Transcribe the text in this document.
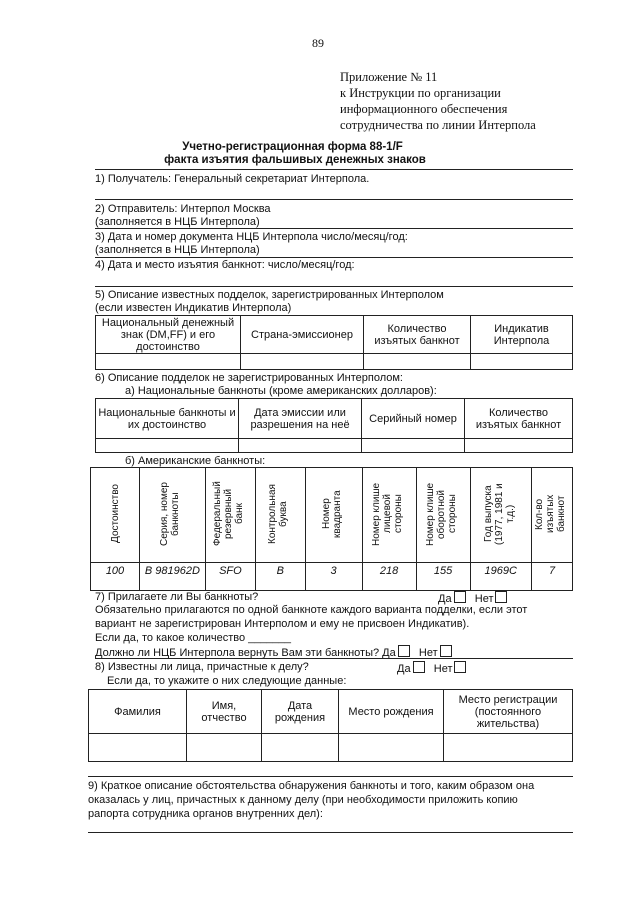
89
Приложение № 11
к Инструкции по организации
информационного обеспечения
сотрудничества по линии Интерпола
Учетно-регистрационная форма 88-1/F
факта изъятия фальшивых денежных знаков
1) Получатель: Генеральный секретариат Интерпола.
2) Отправитель: Интерпол Москва
(заполняется в НЦБ Интерпола)
3) Дата и номер документа НЦБ Интерпола число/месяц/год:
(заполняется в НЦБ Интерпола)
4) Дата и место изъятия банкнот: число/месяц/год:
5) Описание известных подделок, зарегистрированных Интерполом
(если известен Индикатив Интерпола)
Национальный денежный знак (DM,FF) и его достоинство	Страна-эмиссионер	Количество изъятых банкнот	Индикатив Интерпола

6) Описание подделок не зарегистрированных Интерполом:
а) Национальные банкноты (кроме американских долларов):
Национальные банкноты и их достоинство	Дата эмиссии или разрешения на неё	Серийный номер	Количество изъятых банкнот

б) Американские банкноты:
Достоинство	Серия, номер банкноты	Федеральный резервный банк	Контрольная буква	Номер квадранта	Номер клише лицевой стороны	Номер клише оборотной стороны	Год выпуска (1977, 1981 и т.д.)	Кол-во изъятых банкнот
100	B 981962D	SFO	B	3	218	155	1969C	7
7) Прилагаете ли Вы банкноты?	Да Нет
Обязательно прилагаются по одной банкноте каждого варианта подделки, если этот
вариант не зарегистрирован Интерполом и ему не присвоен Индикатив).
Если да, то какое количество _______
Должно ли НЦБ Интерпола вернуть Вам эти банкноты? Да Нет
8) Известны ли лица, причастные к делу?	Да Нет
Если да, то укажите о них следующие данные:
Фамилия	Имя, отчество	Дата рождения	Место рождения	Место регистрации (постоянного жительства)

9) Краткое описание обстоятельства обнаружения банкноты и того, каким образом она
оказалась у лиц, причастных к данному делу (при необходимости приложить копию
рапорта сотрудника органов внутренних дел):
